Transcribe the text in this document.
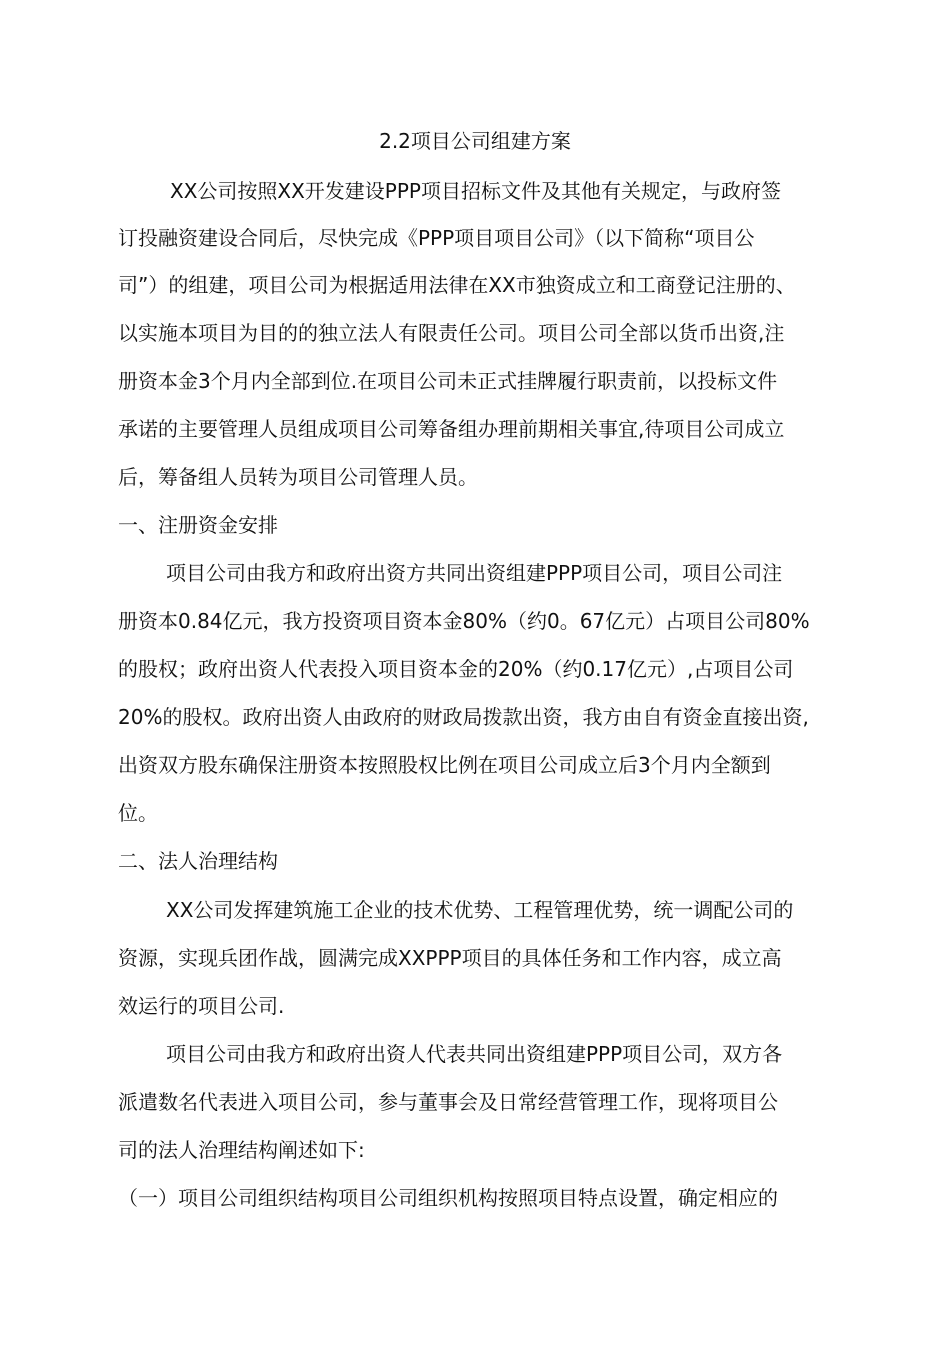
2.2项目公司组建方案
XX公司按照XX开发建设PPP项目招标文件及其他有关规定，与政府签
订投融资建设合同后，尽快完成《PPP项目项目公司》（以下简称“项目公
司”）的组建，项目公司为根据适用法律在XX市独资成立和工商登记注册的、
以实施本项目为目的的独立法人有限责任公司。项目公司全部以货币出资,注
册资本金3个月内全部到位.在项目公司未正式挂牌履行职责前，以投标文件
承诺的主要管理人员组成项目公司筹备组办理前期相关事宜,待项目公司成立
后，筹备组人员转为项目公司管理人员。
一、注册资金安排
项目公司由我方和政府出资方共同出资组建PPP项目公司，项目公司注
册资本0.84亿元，我方投资项目资本金80%（约0。67亿元）占项目公司80%
的股权；政府出资人代表投入项目资本金的20%（约0.17亿元）,占项目公司
20%的股权。政府出资人由政府的财政局拨款出资，我方由自有资金直接出资,
出资双方股东确保注册资本按照股权比例在项目公司成立后3个月内全额到
位。
二、法人治理结构
XX公司发挥建筑施工企业的技术优势、工程管理优势，统一调配公司的
资源，实现兵团作战，圆满完成XXPPP项目的具体任务和工作内容，成立高
效运行的项目公司.
项目公司由我方和政府出资人代表共同出资组建PPP项目公司，双方各
派遣数名代表进入项目公司，参与董事会及日常经营管理工作，现将项目公
司的法人治理结构阐述如下:
（一）项目公司组织结构项目公司组织机构按照项目特点设置，确定相应的
